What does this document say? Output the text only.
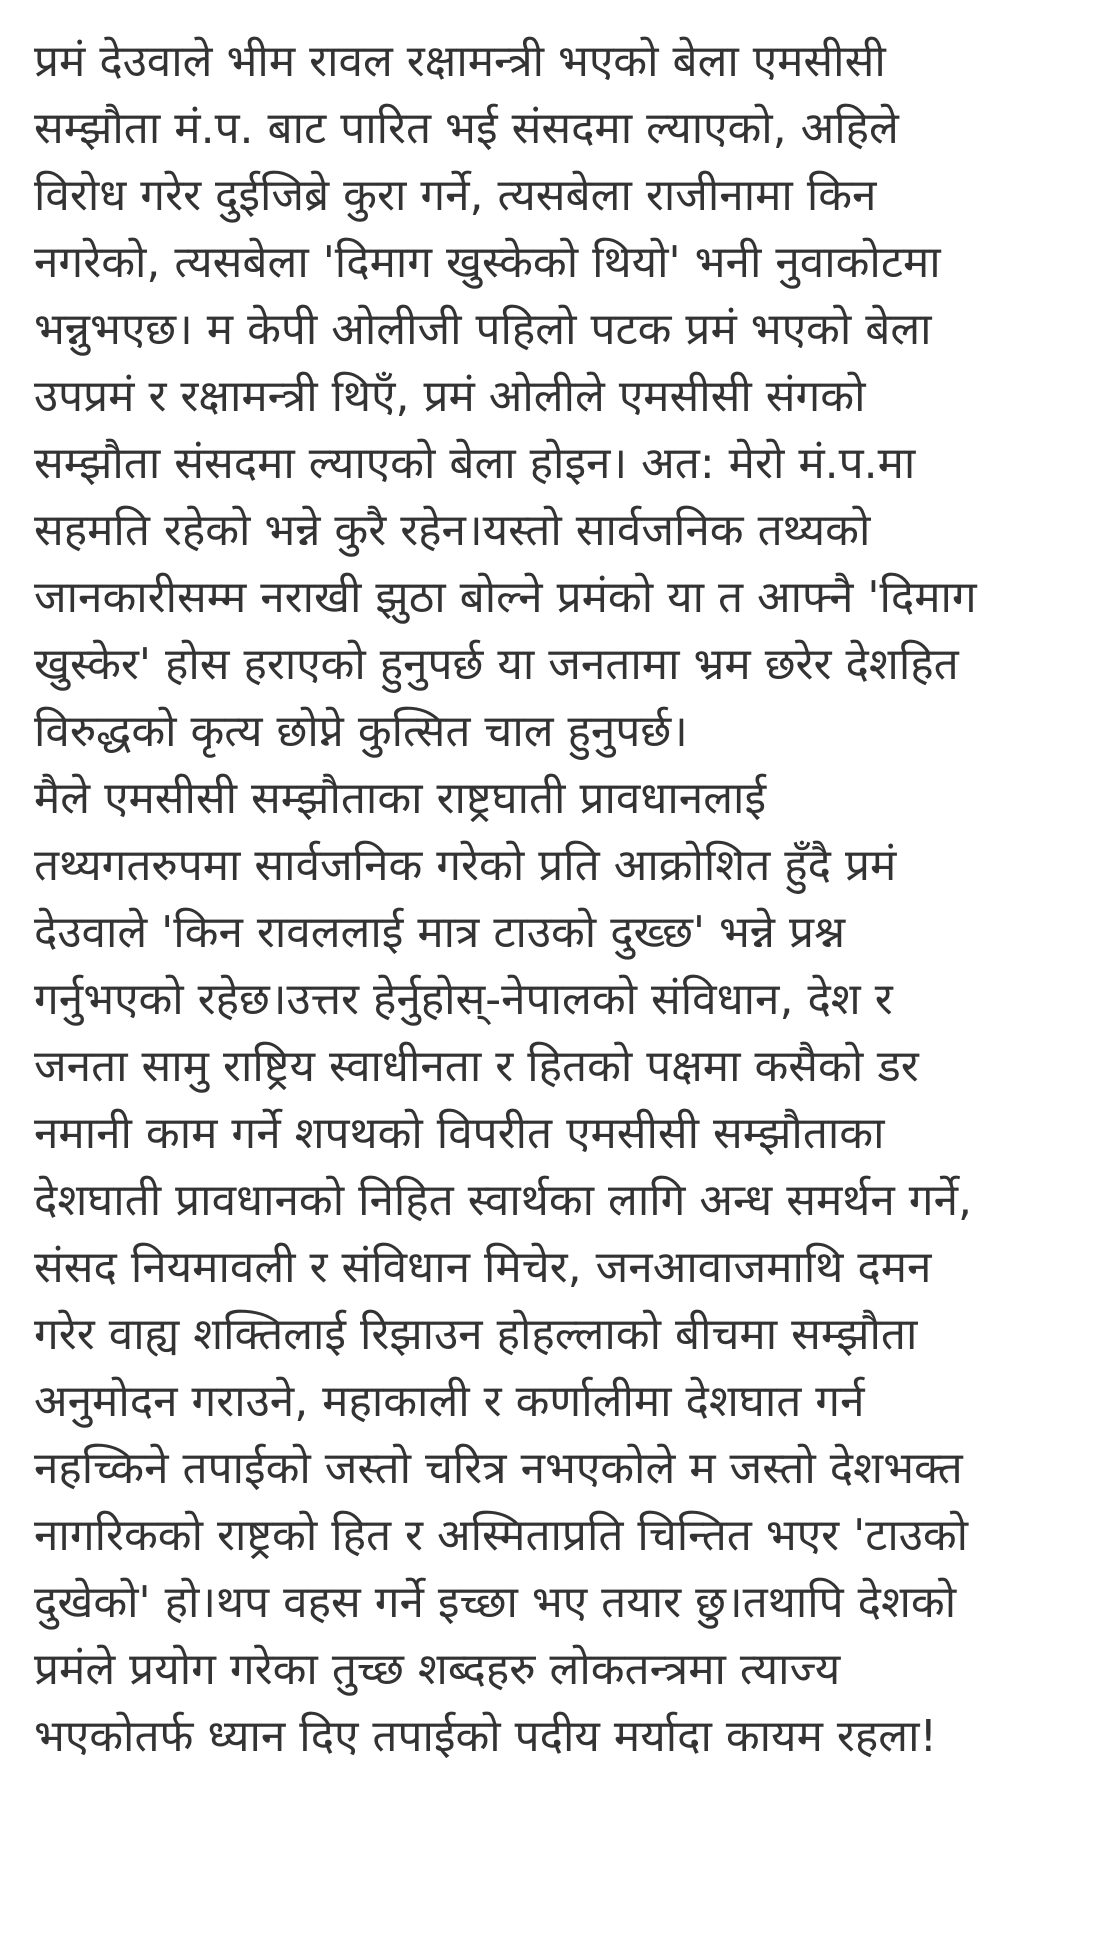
प्रमं देउवाले भीम रावल रक्षामन्त्री भएको बेला एमसीसी
सम्झौता मं.प. बाट पारित भई संसदमा ल्याएको, अहिले
विरोध गरेर दुईजिब्रे कुरा गर्ने, त्यसबेला राजीनामा किन
नगरेको, त्यसबेला 'दिमाग खुस्केको थियो' भनी नुवाकोटमा
भन्नुभएछ। म केपी ओलीजी पहिलो पटक प्रमं भएको बेला
उपप्रमं र रक्षामन्त्री थिएँ, प्रमं ओलीले एमसीसी संगको
सम्झौता संसदमा ल्याएको बेला होइन। अत: मेरो मं.प.मा
सहमति रहेको भन्ने कुरै रहेन।यस्तो सार्वजनिक तथ्यको
जानकारीसम्म नराखी झुठा बोल्ने प्रमंको या त आफ्नै 'दिमाग
खुस्केर' होस हराएको हुनुपर्छ या जनतामा भ्रम छरेर देशहित
विरुद्धको कृत्य छोप्ने कुत्सित चाल हुनुपर्छ।
मैले एमसीसी सम्झौताका राष्ट्रघाती प्रावधानलाई
तथ्यगतरुपमा सार्वजनिक गरेको प्रति आक्रोशित हुँदै प्रमं
देउवाले 'किन रावललाई मात्र टाउको दुख्छ' भन्ने प्रश्न
गर्नुभएको रहेछ।उत्तर हेर्नुहोस्-नेपालको संविधान, देश र
जनता सामु राष्ट्रिय स्वाधीनता र हितको पक्षमा कसैको डर
नमानी काम गर्ने शपथको विपरीत एमसीसी सम्झौताका
देशघाती प्रावधानको निहित स्वार्थका लागि अन्ध समर्थन गर्ने,
संसद नियमावली र संविधान मिचेर, जनआवाजमाथि दमन
गरेर वाह्य शक्तिलाई रिझाउन होहल्लाको बीचमा सम्झौता
अनुमोदन गराउने, महाकाली र कर्णालीमा देशघात गर्न
नहच्किने तपाईको जस्तो चरित्र नभएकोले म जस्तो देशभक्त
नागरिकको राष्ट्रको हित र अस्मिताप्रति चिन्तित भएर 'टाउको
दुखेको' हो।थप वहस गर्ने इच्छा भए तयार छु।तथापि देशको
प्रमंले प्रयोग गरेका तुच्छ शब्दहरु लोकतन्त्रमा त्याज्य
भएकोतर्फ ध्यान दिए तपाईको पदीय मर्यादा कायम रहला!
